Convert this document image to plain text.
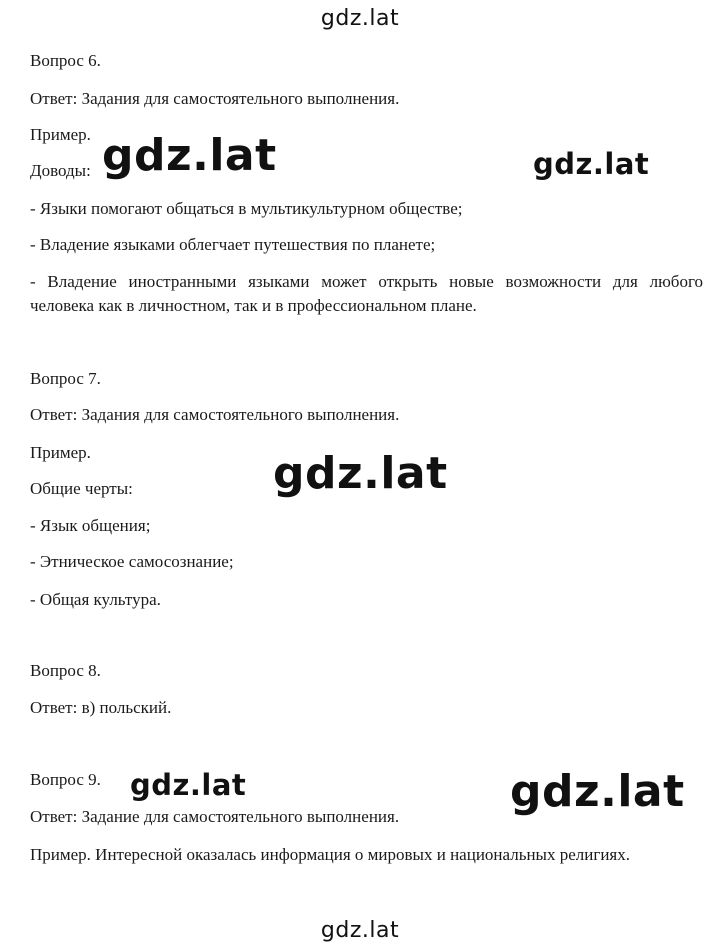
gdz.lat
Вопрос 6.
Ответ: Задания для самостоятельного выполнения.
Пример.
Доводы:
- Языки помогают общаться в мультикультурном обществе;
- Владение языками облегчает путешествия по планете;
- Владение иностранными языками может открыть новые возможности для любого человека как в личностном, так и в профессиональном плане.
Вопрос 7.
Ответ: Задания для самостоятельного выполнения.
Пример.
Общие черты:
- Язык общения;
- Этническое самосознание;
- Общая культура.
Вопрос 8.
Ответ: в) польский.
Вопрос 9.
Ответ: Задание для самостоятельного выполнения.
Пример. Интересной оказалась информация о мировых и национальных религиях.
gdz.lat	gdz.lat
gdz.lat
gdz.lat	gdz.lat
gdz.lat
